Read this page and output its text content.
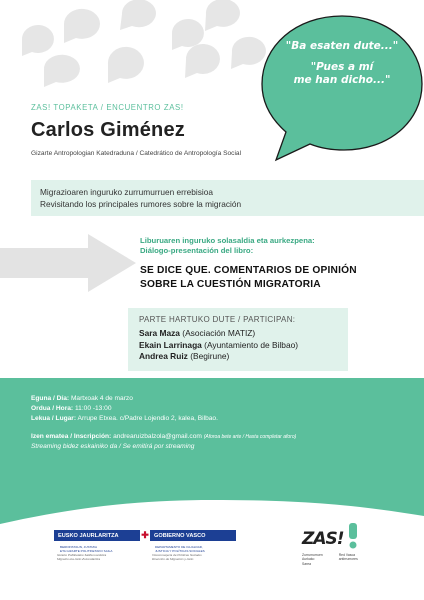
"Ba esaten dute..."
"Pues a mí
me han dicho..."
ZAS! TOPAKETA / ENCUENTRO ZAS!
Carlos Giménez
Gizarte Antropologian Katedraduna / Catedrático de Antropología Social
Migrazioaren inguruko zurrumurruen errebisioa
Revisitando los principales rumores sobre la migración
Liburuaren inguruko solasaldia eta aurkezpena:
Diálogo-presentación del libro:
SE DICE QUE. COMENTARIOS DE OPINIÓN
SOBRE LA CUESTIÓN MIGRATORIA
PARTE HARTUKO DUTE / PARTICIPAN:
Sara Maza (Asociación MATIZ)
Ekain Larrinaga (Ayuntamiento de Bilbao)
Andrea Ruiz (Begirune)
Eguna / Día: Martxoak 4 de marzo
Ordua / Hora: 11:00 -13:00
Lekua / Lugar: Arrupe Etxea. c/Padre Lojendio 2, kalea, Bilbao.
Izen ematea / Inscripción: andrearuizbalzola@gmail.com (Aforoa bete arte / Hasta completar aforo)
Streaming bidez eskainiko da / Se emitirá por streaming
EUSKO JAURLARITZA	✚ GOBIERNO VASCO
BERDINTASUN, JUSTIZIA
ETA GIZARTE POLITIKETAKO SAILA
Gizarte Politiketako Sailburuordetza
Migrazio eta Asilo Zuzendaritza
DEPARTAMENTO DE IGUALDAD,
JUSTICIA Y POLÍTICAS SOCIALES
Viceconsejería de Políticas Sociales
Dirección de Migración y Asilo
ZAS!
Zurrumurruen
Aurkako Sarea
Red Vasca
antirrumores
